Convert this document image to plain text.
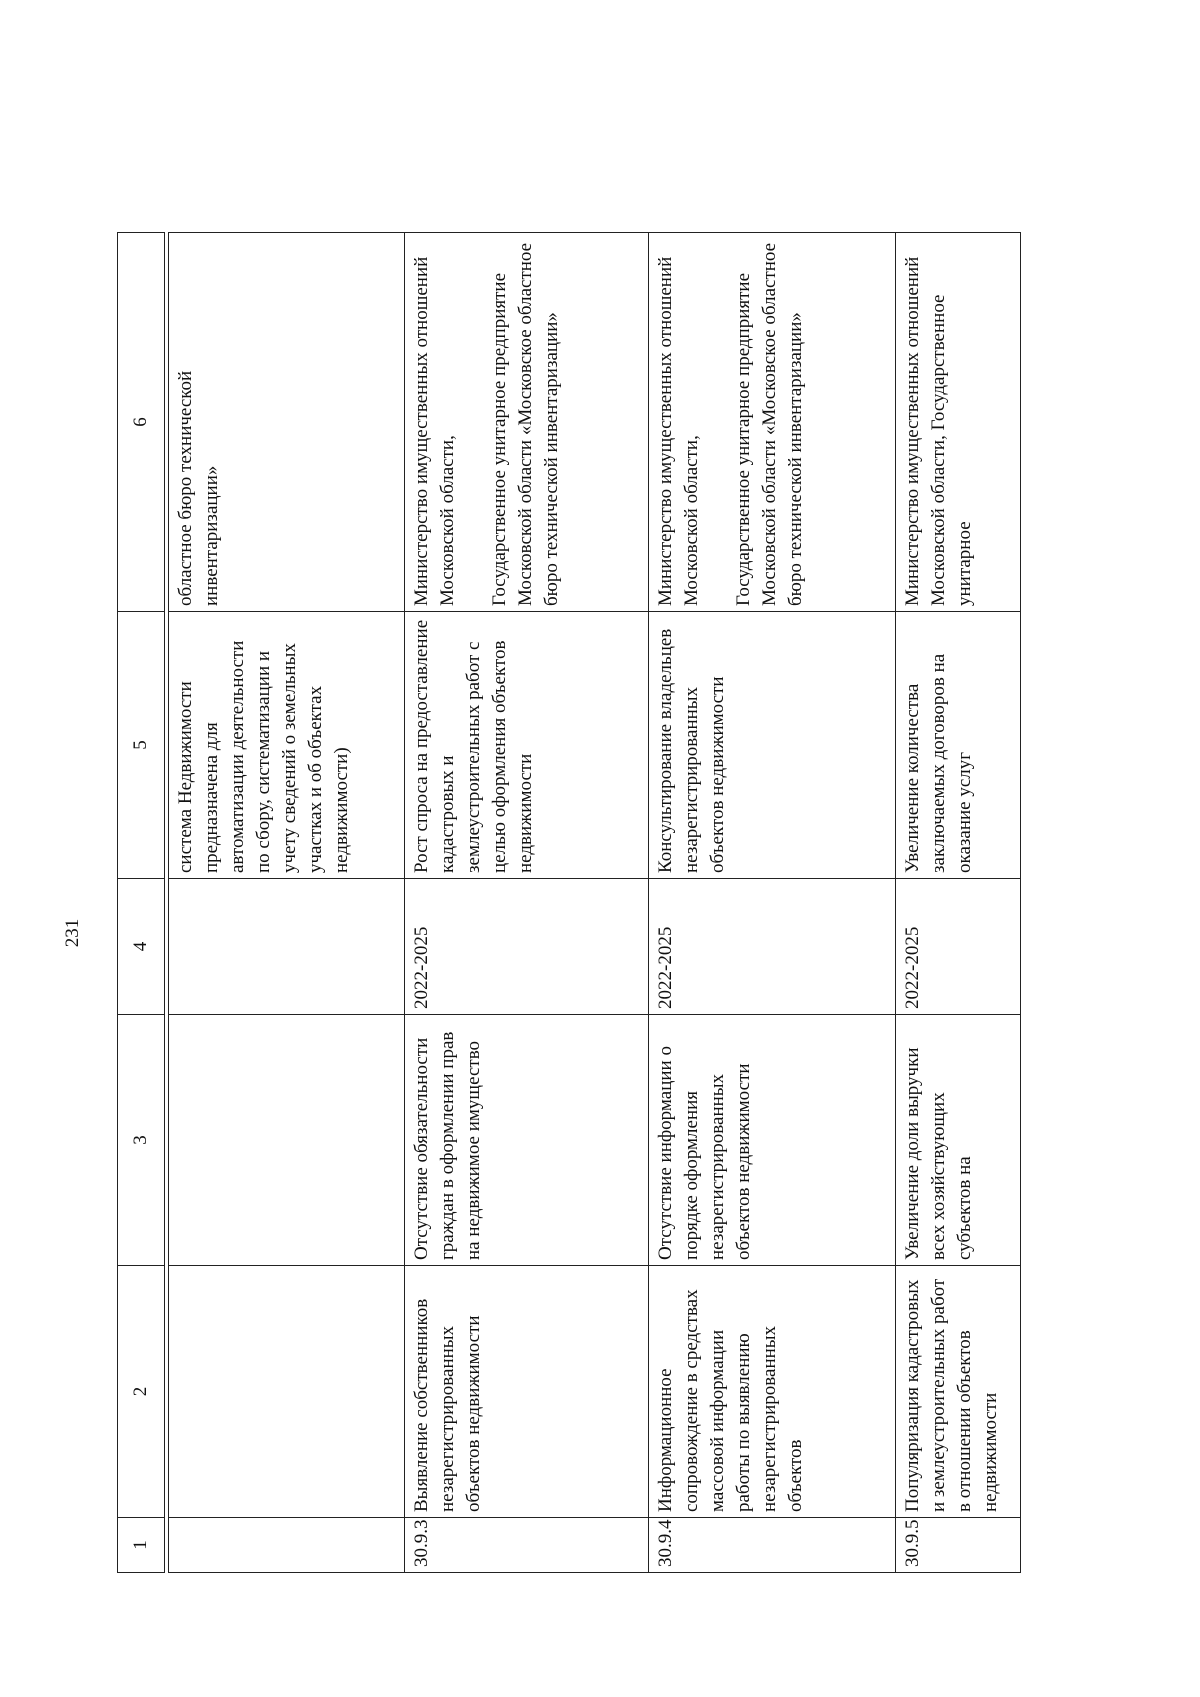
231
1	2	3	4	5	6

				система Недвижимости предназначена для автоматизации деятельности по сбору, систематизации и учету сведений о земельных участках и об объектах недвижимости)	областное бюро технической инвентаризации»
30.9.3	Выявление собственников незарегистрированных объектов недвижимости	Отсутствие обязательности граждан в оформлении прав на недвижимое имущество	2022-2025	Рост спроса на предоставление кадастровых и землеустроительных работ с целью оформления объектов недвижимости	Министерство имущественных отношений Московской области,

Государственное унитарное предприятие Московской области «Московское областное бюро технической инвентаризации»
30.9.4	Информационное сопровождение в средствах массовой информации работы по выявлению незарегистрированных объектов	Отсутствие информации о порядке оформления незарегистрированных объектов недвижимости	2022-2025	Консультирование владельцев незарегистрированных объектов недвижимости	Министерство имущественных отношений Московской области,

Государственное унитарное предприятие Московской области «Московское областное бюро технической инвентаризации»
30.9.5	Популяризация кадастровых и землеустроительных работ в отношении объектов недвижимости	Увеличение доли выручки всех хозяйствующих субъектов на	2022-2025	Увеличение количества заключаемых договоров на оказание услуг	Министерство имущественных отношений Московской области, Государственное унитарное
